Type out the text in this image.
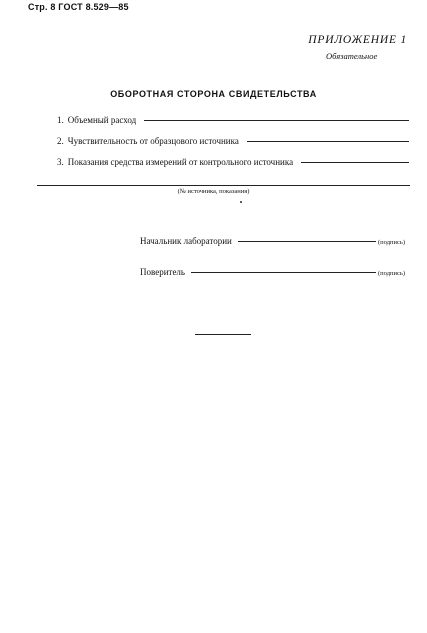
Стр. 8 ГОСТ 8.529—85
ПРИЛОЖЕНИЕ 1
Обязательное
ОБОРОТНАЯ СТОРОНА СВИДЕТЕЛЬСТВА
1. Объемный расход
2. Чувствительность от образцового источника
3. Показания средства измерений от контрольного источника
(№ источника, показания)
Начальник лаборатории	(подпись)
Поверитель	(подпись)
